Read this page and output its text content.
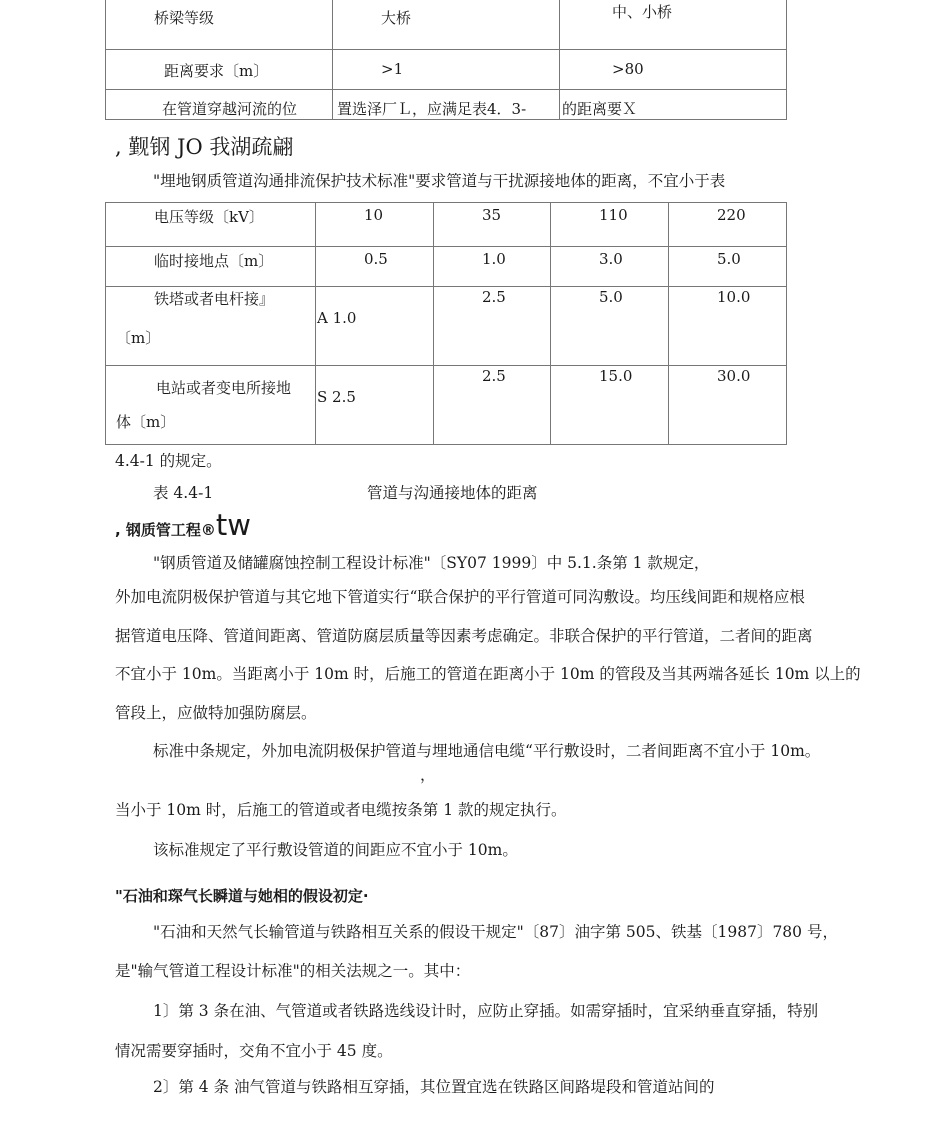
桥梁等级	大桥	中、小桥

距离要求〔m〕	>1	>80

在管道穿越河流的位	置选泽厂Ｌ，应满足表4．3-	的距离要Ｘ
, 觐钢 JO 我湖疏翩
"埋地钢质管道沟通排流保护技术标准"要求管道与干扰源接地体的距离，不宜小于表
电压等级〔kV〕	10	35	110	220

临时接地点〔m〕	0.5	1.0	3.0	5.0

铁塔或者电杆接』
〔m〕	A 1.0	2.5	5.0	10.0

电站或者变电所接地
体〔m〕	S 2.5	2.5	15.0	30.0
4.4-1 的规定。
表 4.4-1	管道与沟通接地体的距离
, 钢质管工程®tw
"钢质管道及储罐腐蚀控制工程设计标准"〔SY07 1999〕中 5.1.条第 1 款规定，
外加电流阴极保护管道与其它地下管道实行“联合保护的平行管道可同沟敷设。均压线间距和规格应根
据管道电压降、管道间距离、管道防腐层质量等因素考虑确定。非联合保护的平行管道，二者间的距离
不宜小于 10m。当距离小于 10m 时，后施工的管道在距离小于 10m 的管段及当其两端各延长 10m 以上的
管段上，应做特加强防腐层。
标准中条规定，外加电流阴极保护管道与埋地通信电缆“平行敷设时，二者间距离不宜小于 10m。
，
当小于 10m 时，后施工的管道或者电缆按条第 1 款的规定执行。
该标准规定了平行敷设管道的间距应不宜小于 10m。
"石油和琛气长瞬道与她相的假设初定·
"石油和天然气长输管道与铁路相互关系的假设干规定"〔87〕油字第 505、铁基〔1987〕780 号，
是"输气管道工程设计标准"的相关法规之一。其中：
1〕第 3 条在油、气管道或者铁路选线设计时，应防止穿插。如需穿插时，宜采纳垂直穿插，特别
情况需要穿插时，交角不宜小于 45 度。
2〕第 4 条 油气管道与铁路相互穿插，其位置宜选在铁路区间路堤段和管道站间的
